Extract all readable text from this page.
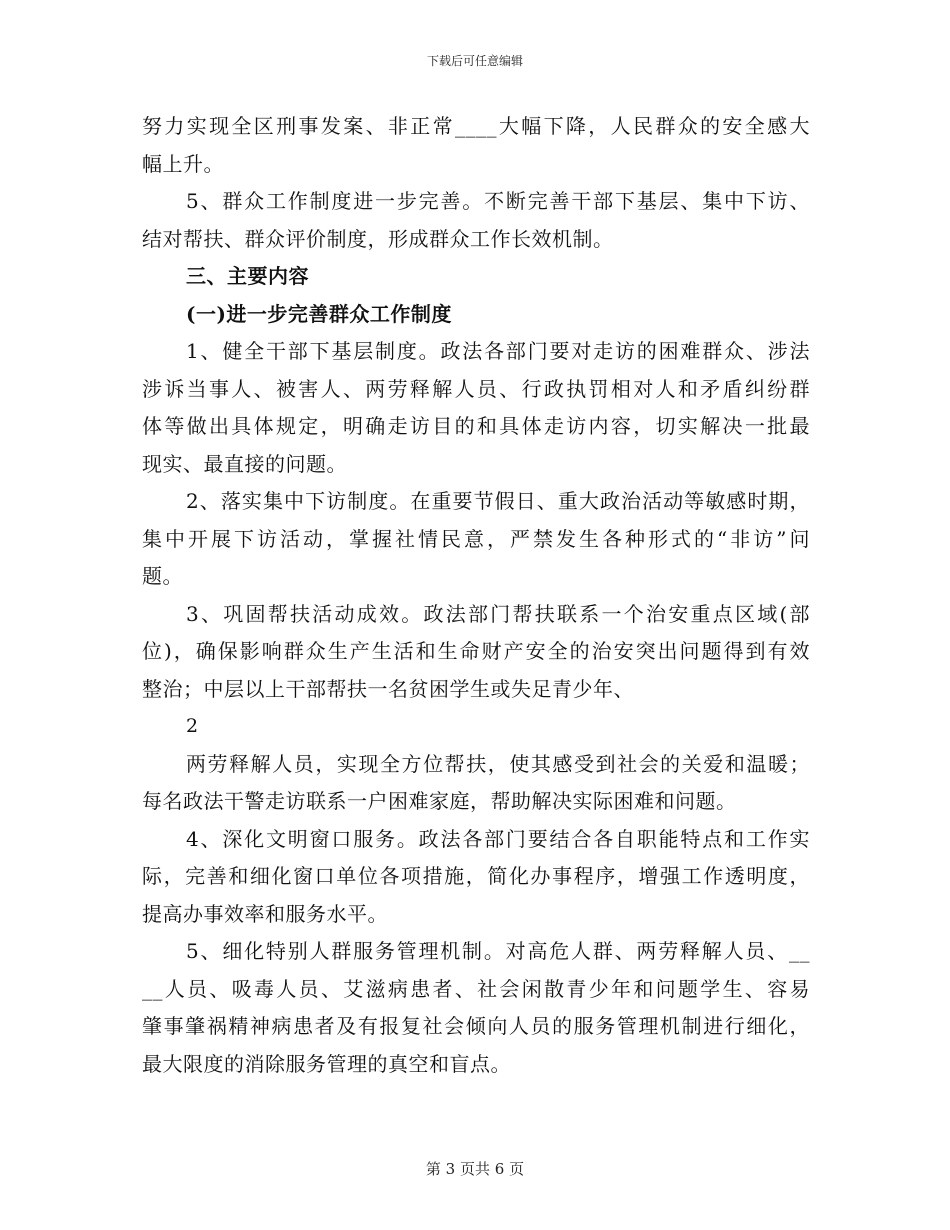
下载后可任意编辑
努力实现全区刑事发案、非正常____大幅下降，人民群众的安全感大
幅上升。
5、群众工作制度进一步完善。不断完善干部下基层、集中下访、
结对帮扶、群众评价制度，形成群众工作长效机制。
三、主要内容
(一)进一步完善群众工作制度
1、健全干部下基层制度。政法各部门要对走访的困难群众、涉法
涉诉当事人、被害人、两劳释解人员、行政执罚相对人和矛盾纠纷群
体等做出具体规定，明确走访目的和具体走访内容，切实解决一批最
现实、最直接的问题。
2、落实集中下访制度。在重要节假日、重大政治活动等敏感时期，
集中开展下访活动，掌握社情民意，严禁发生各种形式的“非访”问
题。
3、巩固帮扶活动成效。政法部门帮扶联系一个治安重点区域(部
位)，确保影响群众生产生活和生命财产安全的治安突出问题得到有效
整治；中层以上干部帮扶一名贫困学生或失足青少年、
2
两劳释解人员，实现全方位帮扶，使其感受到社会的关爱和温暖；
每名政法干警走访联系一户困难家庭，帮助解决实际困难和问题。
4、深化文明窗口服务。政法各部门要结合各自职能特点和工作实
际，完善和细化窗口单位各项措施，简化办事程序，增强工作透明度，
提高办事效率和服务水平。
5、细化特别人群服务管理机制。对高危人群、两劳释解人员、__
__人员、吸毒人员、艾滋病患者、社会闲散青少年和问题学生、容易
肇事肇祸精神病患者及有报复社会倾向人员的服务管理机制进行细化，
最大限度的消除服务管理的真空和盲点。
第 3 页共 6 页
